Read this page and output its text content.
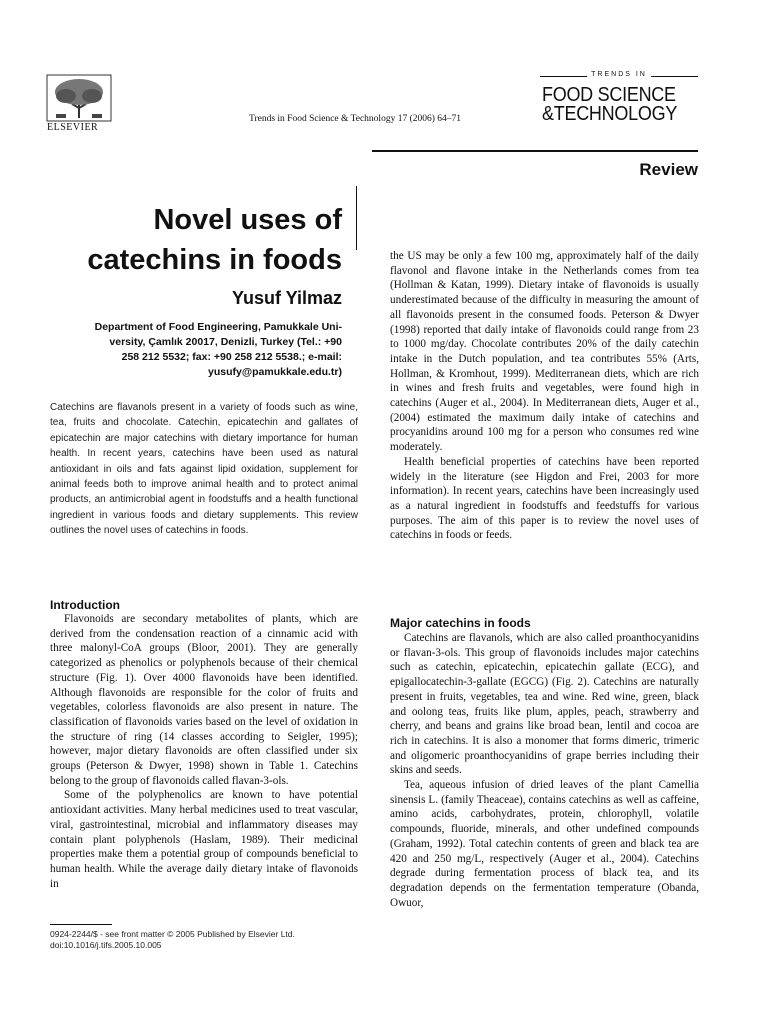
ELSEVIER
Trends in Food Science & Technology 17 (2006) 64–71
TRENDS IN
FOOD SCIENCE
&TECHNOLOGY
Review
Novel uses of
catechins in foods
Yusuf Yilmaz
Department of Food Engineering, Pamukkale Uni-
versity, Çamlık 20017, Denizli, Turkey (Tel.: +90
258 212 5532; fax: +90 258 212 5538.; e-mail:
yusufy@pamukkale.edu.tr)
Catechins are flavanols present in a variety of foods such as wine, tea, fruits and chocolate. Catechin, epicatechin and gallates of epicatechin are major catechins with dietary importance for human health. In recent years, catechins have been used as natural antioxidant in oils and fats against lipid oxidation, supplement for animal feeds both to improve animal health and to protect animal products, an antimicrobial agent in foodstuffs and a health functional ingredient in various foods and dietary supplements. This review outlines the novel uses of catechins in foods.
Introduction

Flavonoids are secondary metabolites of plants, which are derived from the condensation reaction of a cinnamic acid with three malonyl-CoA groups (Bloor, 2001). They are generally categorized as phenolics or polyphenols because of their chemical structure (Fig. 1). Over 4000 flavonoids have been identified. Although flavonoids are responsible for the color of fruits and vegetables, colorless flavonoids are also present in nature. The classification of flavonoids varies based on the level of oxidation in the structure of ring (14 classes according to Seigler, 1995); however, major dietary flavonoids are often classified under six groups (Peterson & Dwyer, 1998) shown in Table 1. Catechins belong to the group of flavonoids called flavan-3-ols.

Some of the polyphenolics are known to have potential antioxidant activities. Many herbal medicines used to treat vascular, viral, gastrointestinal, microbial and inflammatory diseases may contain plant polyphenols (Haslam, 1989). Their medicinal properties make them a potential group of compounds beneficial to human health. While the average daily dietary intake of flavonoids in

the US may be only a few 100 mg, approximately half of the daily flavonol and flavone intake in the Netherlands comes from tea (Hollman & Katan, 1999). Dietary intake of flavonoids is usually underestimated because of the difficulty in measuring the amount of all flavonoids present in the consumed foods. Peterson & Dwyer (1998) reported that daily intake of flavonoids could range from 23 to 1000 mg/day. Chocolate contributes 20% of the daily catechin intake in the Dutch population, and tea contributes 55% (Arts, Hollman, & Kromhout, 1999). Mediterranean diets, which are rich in wines and fresh fruits and vegetables, were found high in catechins (Auger et al., 2004). In Mediterranean diets, Auger et al., (2004) estimated the maximum daily intake of catechins and procyanidins around 100 mg for a person who consumes red wine moderately.

Health beneficial properties of catechins have been reported widely in the literature (see Higdon and Frei, 2003 for more information). In recent years, catechins have been increasingly used as a natural ingredient in foodstuffs and feedstuffs for various purposes. The aim of this paper is to review the novel uses of catechins in foods or feeds.

Major catechins in foods

Catechins are flavanols, which are also called proanthocyanidins or flavan-3-ols. This group of flavonoids includes major catechins such as catechin, epicatechin, epicatechin gallate (ECG), and epigallocatechin-3-gallate (EGCG) (Fig. 2). Catechins are naturally present in fruits, vegetables, tea and wine. Red wine, green, black and oolong teas, fruits like plum, apples, peach, strawberry and cherry, and beans and grains like broad bean, lentil and cocoa are rich in catechins. It is also a monomer that forms dimeric, trimeric and oligomeric proanthocyanidins of grape berries including their skins and seeds.

Tea, aqueous infusion of dried leaves of the plant Camellia sinensis L. (family Theaceae), contains catechins as well as caffeine, amino acids, carbohydrates, protein, chlorophyll, volatile compounds, fluoride, minerals, and other undefined compounds (Graham, 1992). Total catechin contents of green and black tea are 420 and 250 mg/L, respectively (Auger et al., 2004). Catechins degrade during fermentation process of black tea, and its degradation depends on the fermentation temperature (Obanda, Owuor,

0924-2244/$ - see front matter © 2005 Published by Elsevier Ltd.
doi:10.1016/j.tifs.2005.10.005
